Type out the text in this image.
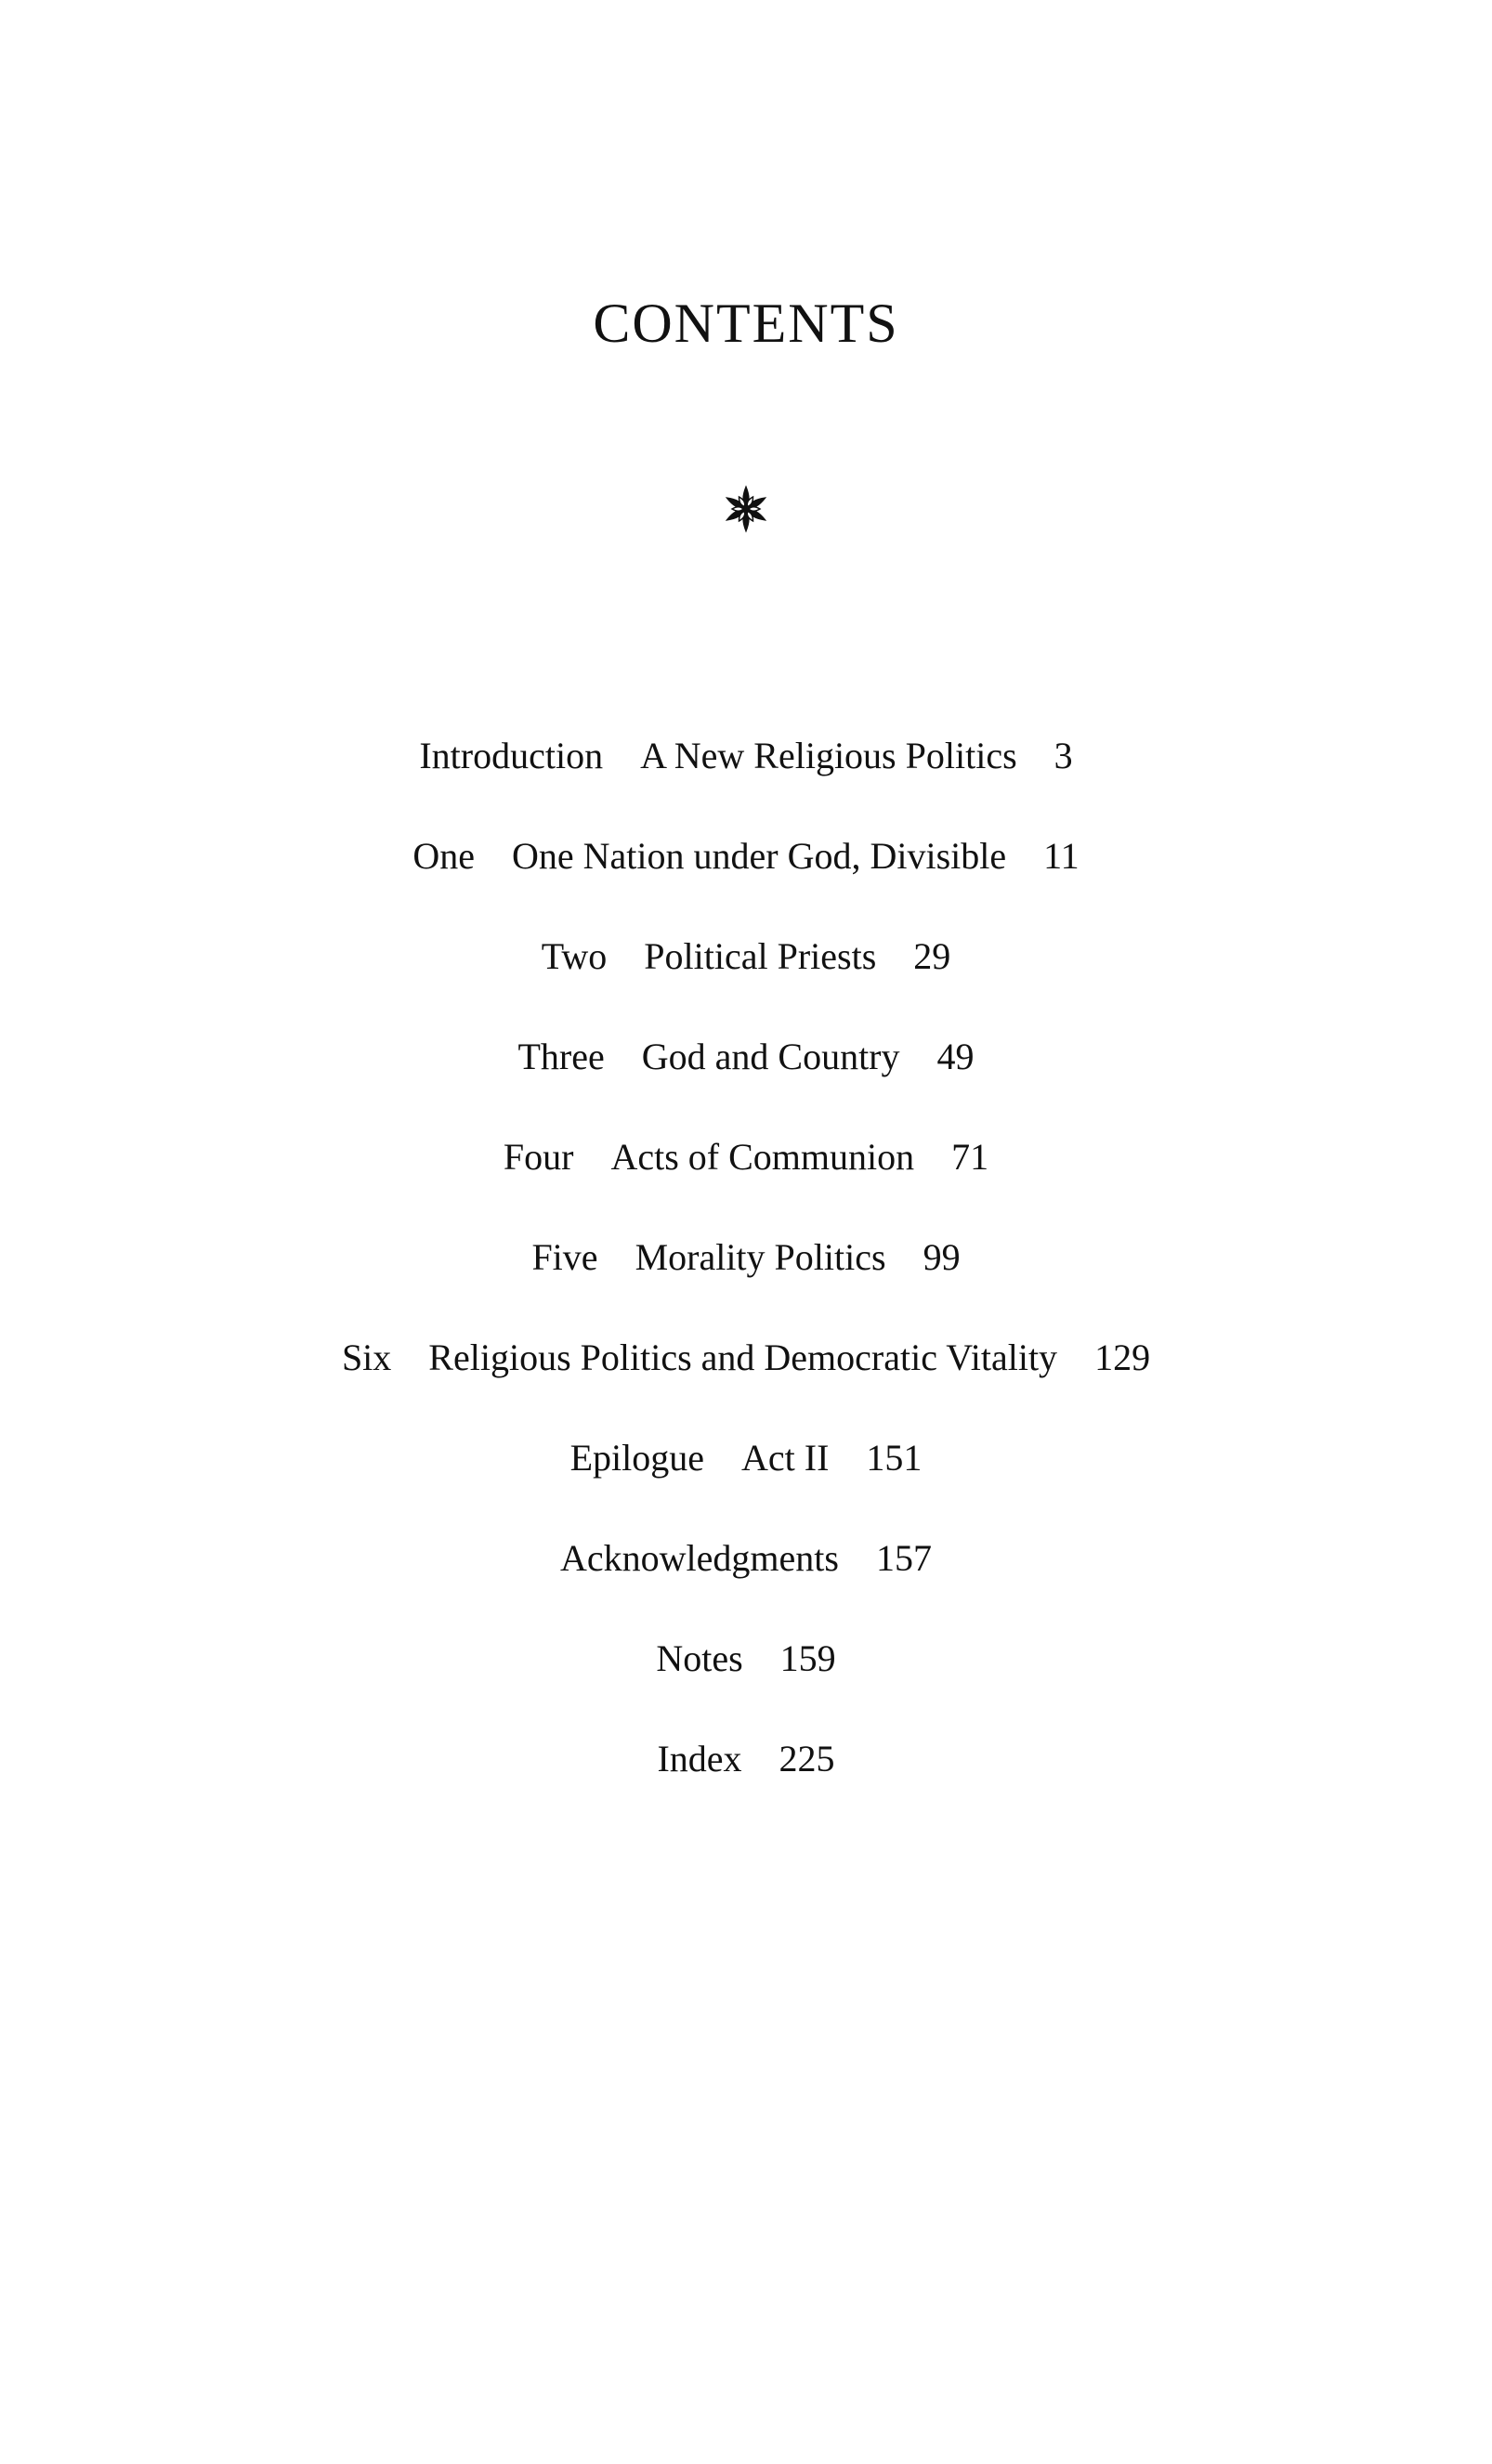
CONTENTS
Introduction A New Religious Politics 3
One One Nation under God, Divisible 11
Two Political Priests 29
Three God and Country 49
Four Acts of Communion 71
Five Morality Politics 99
Six Religious Politics and Democratic Vitality 129
Epilogue Act II 151
Acknowledgments 157
Notes 159
Index 225
